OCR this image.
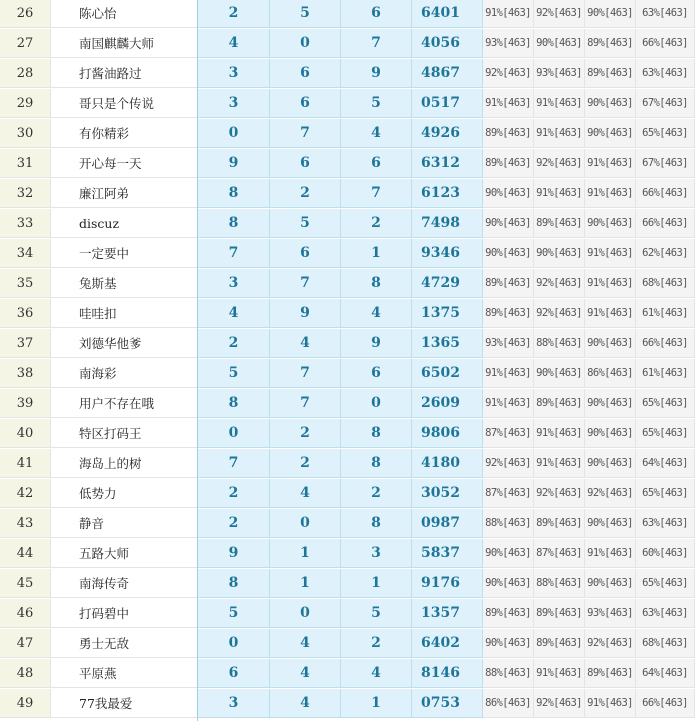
49	77我最爱	3	4	1	0753	86%[463] 92%[463] 91%[463] 66%[463]
48	平原燕	6	4	4	8146	88%[463] 91%[463] 89%[463] 64%[463]
47	勇士无敌	0	4	2	6402	90%[463] 89%[463] 92%[463] 68%[463]
46	打码碧中	5	0	5	1357	89%[463] 89%[463] 93%[463] 63%[463]
45	南海传奇	8	1	1	9176	90%[463] 88%[463] 90%[463] 65%[463]
44	五路大师	9	1	3	5837	90%[463] 87%[463] 91%[463] 60%[463]
43	静音	2	0	8	0987	88%[463] 89%[463] 90%[463] 63%[463]
42	低势力	2	4	2	3052	87%[463] 92%[463] 92%[463] 65%[463]
41	海岛上的树	7	2	8	4180	92%[463] 91%[463] 90%[463] 64%[463]
40	特区打码王	0	2	8	9806	87%[463] 91%[463] 90%[463] 65%[463]
39	用户不存在哦	8	7	0	2609	91%[463] 89%[463] 90%[463] 65%[463]
38	南海彩	5	7	6	6502	91%[463] 90%[463] 86%[463] 61%[463]
37	刘德华他爹	2	4	9	1365	93%[463] 88%[463] 90%[463] 66%[463]
36	哇哇扣	4	9	4	1375	89%[463] 92%[463] 91%[463] 61%[463]
35	兔斯基	3	7	8	4729	89%[463] 92%[463] 91%[463] 68%[463]
34	一定要中	7	6	1	9346	90%[463] 90%[463] 91%[463] 62%[463]
33	discuz	8	5	2	7498	90%[463] 89%[463] 90%[463] 66%[463]
32	廉江阿弟	8	2	7	6123	90%[463] 91%[463] 91%[463] 66%[463]
31	开心每一天	9	6	6	6312	89%[463] 92%[463] 91%[463] 67%[463]
30	有你精彩	0	7	4	4926	89%[463] 91%[463] 90%[463] 65%[463]
29	哥只是个传说	3	6	5	0517	91%[463] 91%[463] 90%[463] 67%[463]
28	打酱油路过	3	6	9	4867	92%[463] 93%[463] 89%[463] 63%[463]
27	南国麒麟大师	4	0	7	4056	93%[463] 90%[463] 89%[463] 66%[463]
26	陈心怡	2	5	6	6401	91%[463] 92%[463] 90%[463] 63%[463]
